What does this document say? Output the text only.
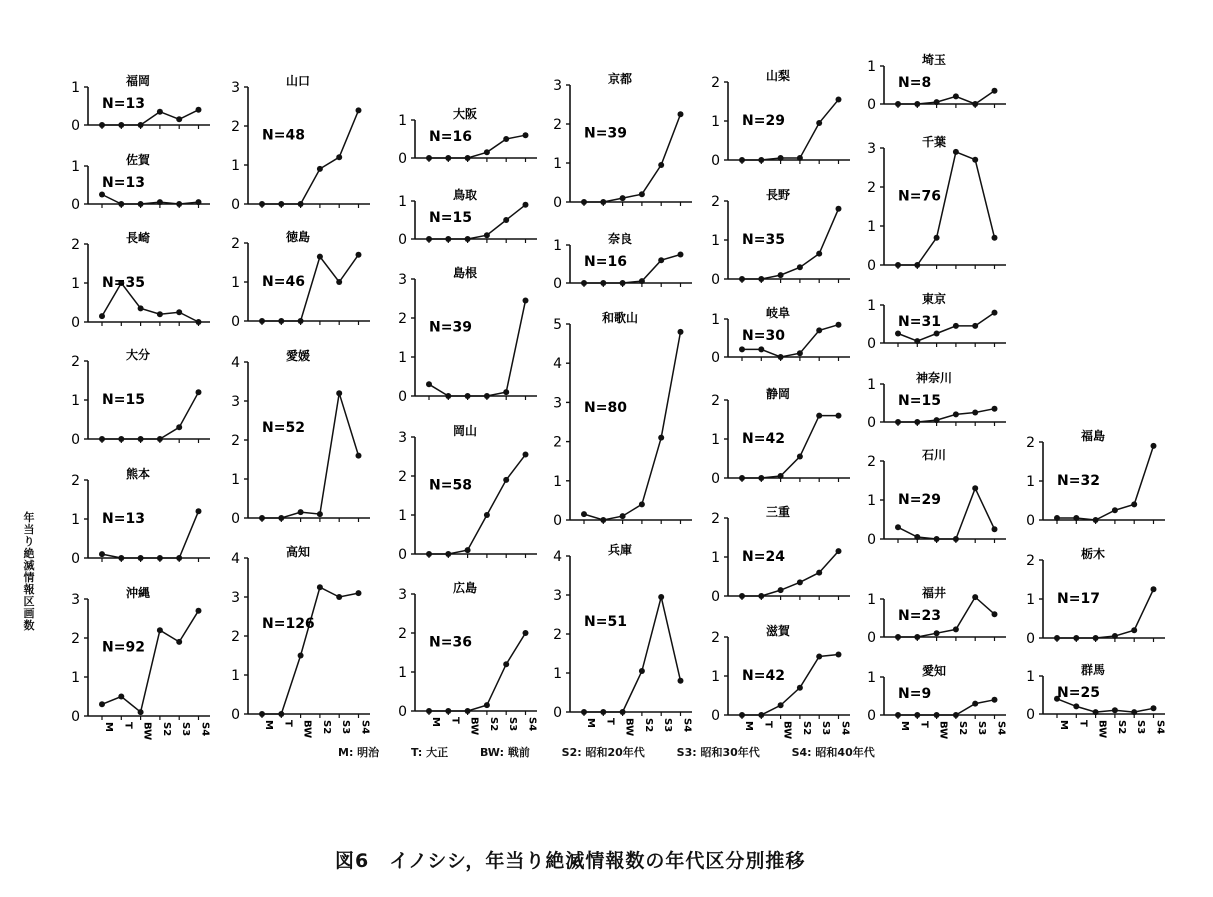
0
1	福岡
N=13
0
1	佐賀
N=13
0
1
2	長崎
N=35
0
1
2	大分
N=15
0
1
2	熊本
N=13
0
1
2
3
M T BW S2 S3 S4
沖縄
N=92
0
1
2
3	山口
N=48
0
1
2	徳島
N=46
0
1
2
3
4	愛媛
N=52
0
1
2
3
4
M T BW S2 S3 S4
高知
N=126
0
1	大阪
N=16
0
1	鳥取
N=15
0
1
2
3	島根
N=39
0
1
2
3	岡山
N=58
0
1
2
3
M T BW S2 S3 S4
広島
N=36
0
1
2
3	京都
N=39
0
1	奈良
N=16
0
1
2
3
4
5	和歌山
N=80
0
1
2
3
4
M T BW S2 S3 S4
兵庫
N=51
0
1
2	山梨
N=29
0
1
2	長野
N=35
0
1	岐阜
N=30
0
1
2	静岡
N=42
0
1
2	三重
N=24
0
1
2
M T BW S2 S3 S4
滋賀
N=42
0
1	埼玉
N=8
0
1
2
3	千葉
N=76
0
1	東京
N=31
0
1	神奈川
N=15
0
1
2	石川
N=29
0
1	福井
N=23
0
1
M T BW S2 S3 S4
愛知
N=9
0
1
2	福島
N=32
0
1
2	栃木
N=17
0
1
M T BW S2 S3 S4
群馬
N=25
年当り絶滅情報区画数
M: 明治	T: 大正	BW: 戦前	S2: 昭和20年代	S3: 昭和30年代	S4: 昭和40年代
図6　イノシシ，年当り絶滅情報数の年代区分別推移
